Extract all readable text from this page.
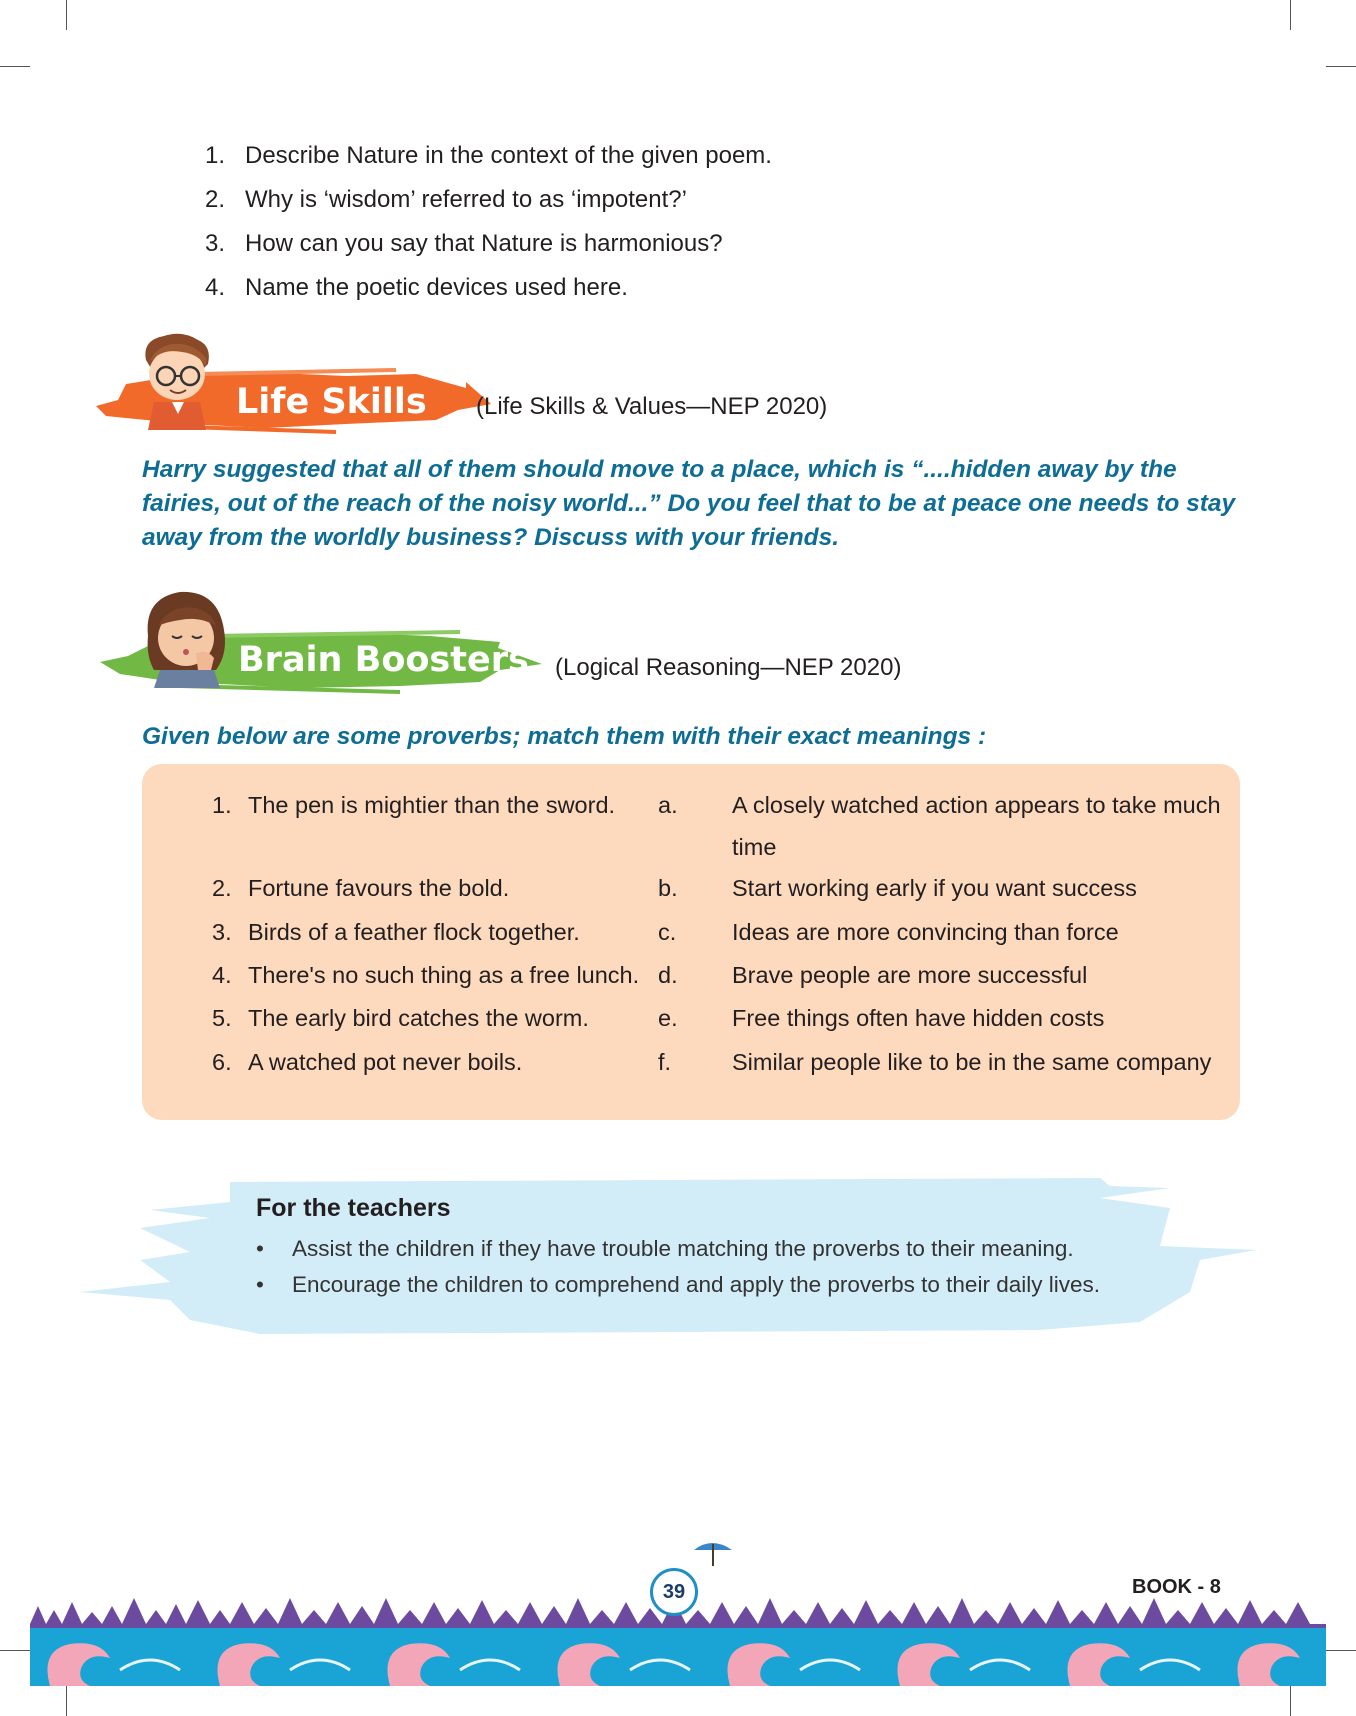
1. Describe Nature in the context of the given poem.
2. Why is ‘wisdom’ referred to as ‘impotent?’
3. How can you say that Nature is harmonious?
4. Name the poetic devices used here.
Life Skills (Life Skills & Values—NEP 2020)

Harry suggested that all of them should move to a place, which is “....hidden away by the fairies, out of the reach of the noisy world...” Do you feel that to be at peace one needs to stay away from the worldly business? Discuss with your friends.

Brain Boosters (Logical Reasoning—NEP 2020)

Given below are some proverbs; match them with their exact meanings :

1. The pen is mightier than the sword. a. A closely watched action appears to take much time
2. Fortune favours the bold.	b. Start working early if you want success
3. Birds of a feather flock together.	c. Ideas are more convincing than force
4. There's no such thing as a free lunch. d. Brave people are more successful
5. The early bird catches the worm.	e. Free things often have hidden costs
6. A watched pot never boils.	f.	Similar people like to be in the same company
For the teachers
• Assist the children if they have trouble matching the proverbs to their meaning.
• Encourage the children to comprehend and apply the proverbs to their daily lives.
39	BOOK - 8
